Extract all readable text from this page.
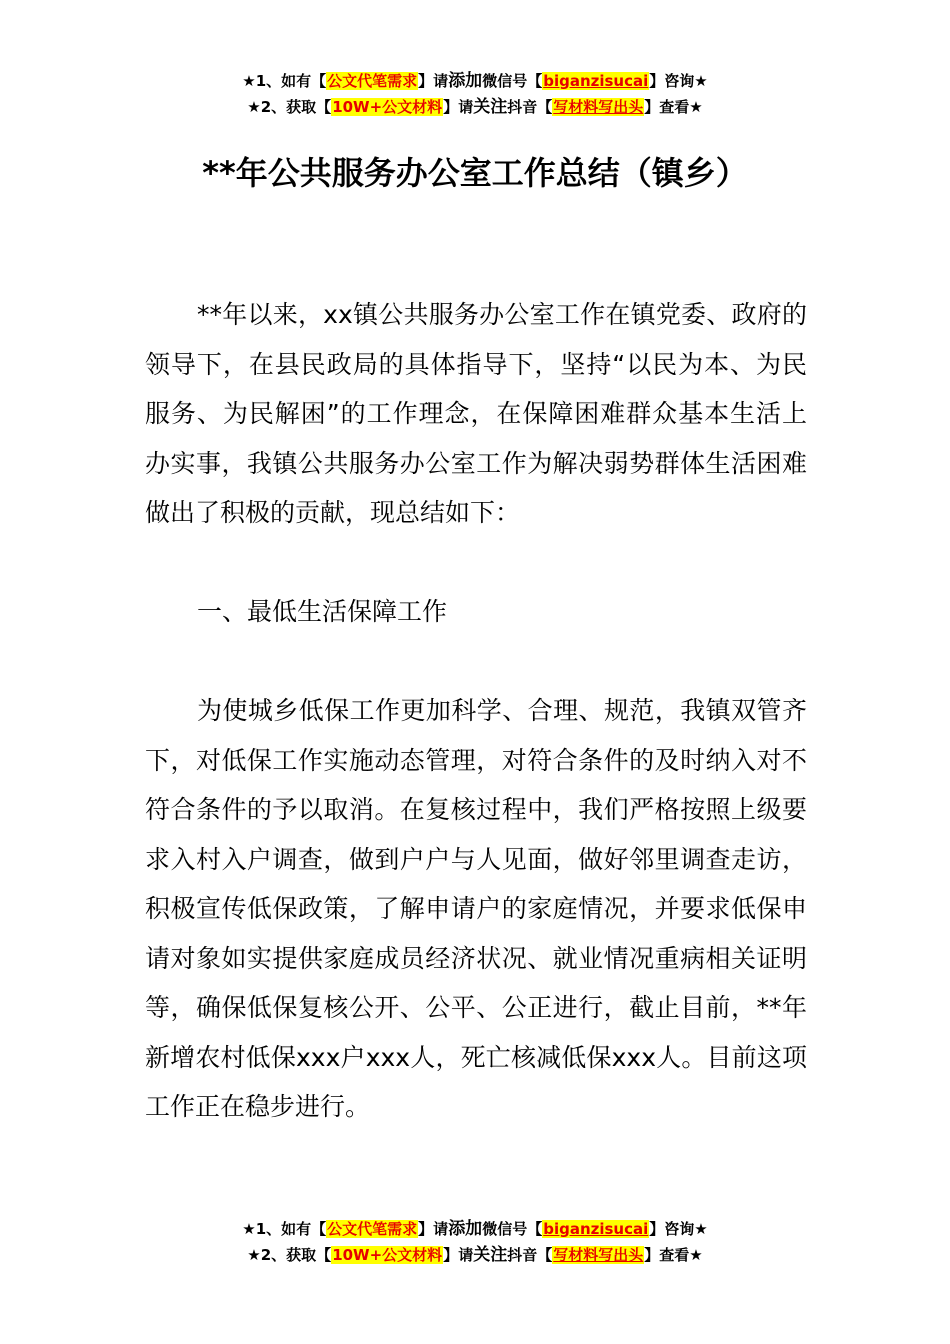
★1、如有【公文代笔需求】请添加微信号【biganzisucai】咨询★
★2、获取【10W+公文材料】请关注抖音【写材料写出头】查看★
**年公共服务办公室工作总结（镇乡）

**年以来，xx镇公共服务办公室工作在镇党委、政府的领导下，在县民政局的具体指导下，坚持“以民为本、为民服务、为民解困”的工作理念，在保障困难群众基本生活上办实事，我镇公共服务办公室工作为解决弱势群体生活困难做出了积极的贡献，现总结如下：

一、最低生活保障工作

为使城乡低保工作更加科学、合理、规范，我镇双管齐下，对低保工作实施动态管理，对符合条件的及时纳入对不符合条件的予以取消。在复核过程中，我们严格按照上级要求入村入户调查，做到户户与人见面，做好邻里调查走访，积极宣传低保政策，了解申请户的家庭情况，并要求低保申请对象如实提供家庭成员经济状况、就业情况重病相关证明等，确保低保复核公开、公平、公正进行，截止目前，**年新增农村低保xxx户xxx人，死亡核减低保xxx人。目前这项工作正在稳步进行。

★1、如有【公文代笔需求】请添加微信号【biganzisucai】咨询★
★2、获取【10W+公文材料】请关注抖音【写材料写出头】查看★
